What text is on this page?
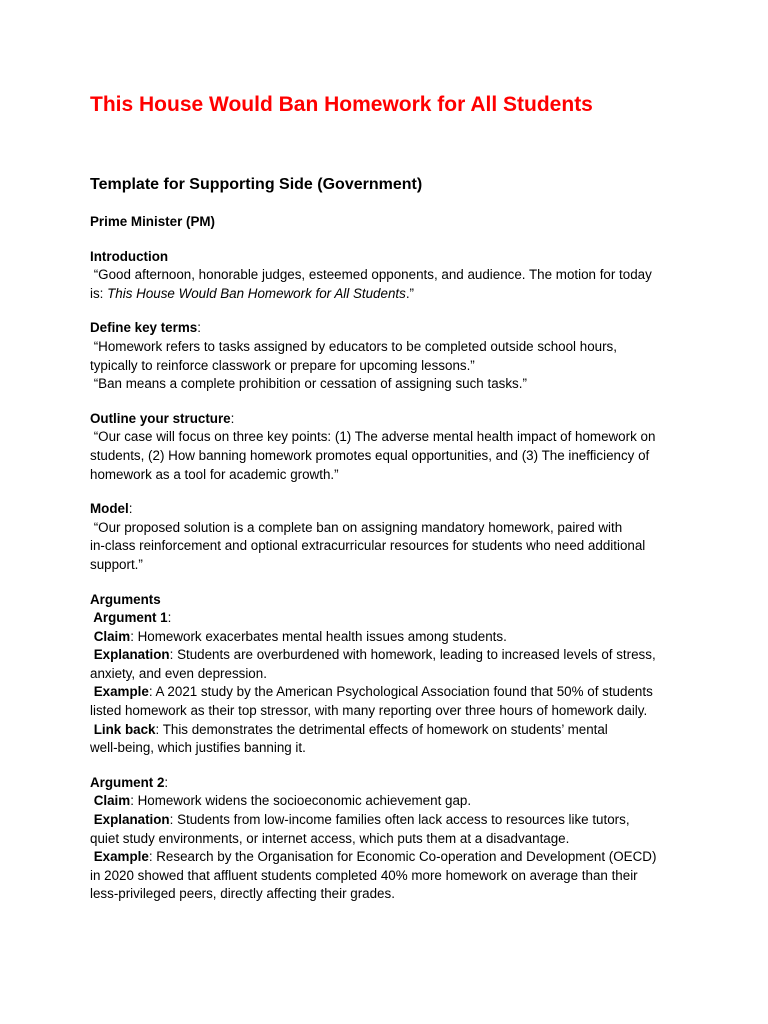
This House Would Ban Homework for All Students
Template for Supporting Side (Government)
Prime Minister (PM)
Introduction
“Good afternoon, honorable judges, esteemed opponents, and audience. The motion for today
is: This House Would Ban Homework for All Students.”
Define key terms:
“Homework refers to tasks assigned by educators to be completed outside school hours,
typically to reinforce classwork or prepare for upcoming lessons.”
“Ban means a complete prohibition or cessation of assigning such tasks.”
Outline your structure:
“Our case will focus on three key points: (1) The adverse mental health impact of homework on
students, (2) How banning homework promotes equal opportunities, and (3) The inefficiency of
homework as a tool for academic growth.”
Model:
“Our proposed solution is a complete ban on assigning mandatory homework, paired with
in-class reinforcement and optional extracurricular resources for students who need additional
support.”
Arguments
Argument 1:
Claim: Homework exacerbates mental health issues among students.
Explanation: Students are overburdened with homework, leading to increased levels of stress,
anxiety, and even depression.
Example: A 2021 study by the American Psychological Association found that 50% of students
listed homework as their top stressor, with many reporting over three hours of homework daily.
Link back: This demonstrates the detrimental effects of homework on students’ mental
well-being, which justifies banning it.
Argument 2:
Claim: Homework widens the socioeconomic achievement gap.
Explanation: Students from low-income families often lack access to resources like tutors,
quiet study environments, or internet access, which puts them at a disadvantage.
Example: Research by the Organisation for Economic Co-operation and Development (OECD)
in 2020 showed that affluent students completed 40% more homework on average than their
less-privileged peers, directly affecting their grades.
